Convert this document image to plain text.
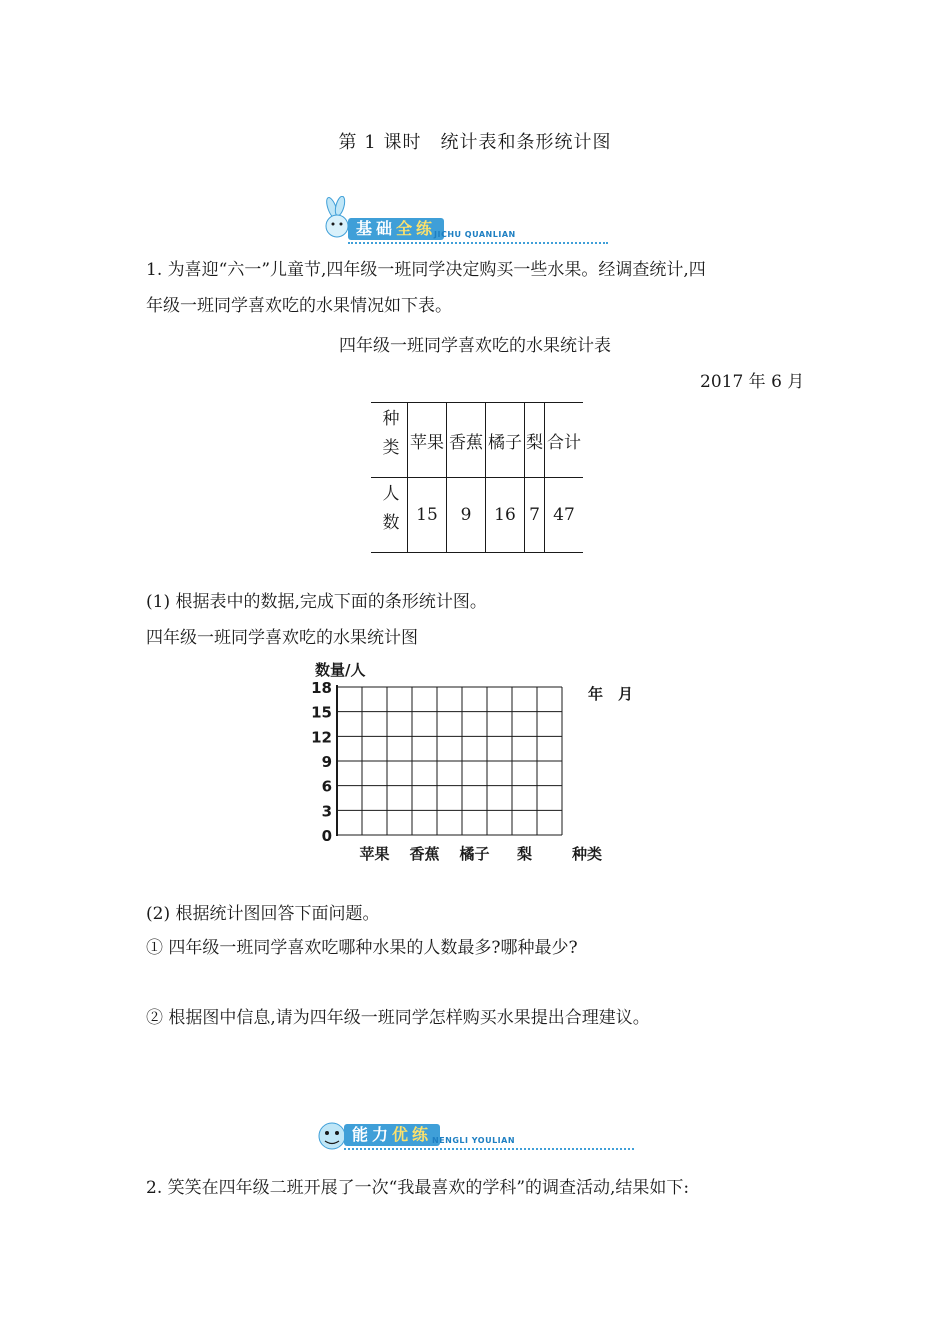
第 1 课时　统计表和条形统计图
基础全练
JICHU QUANLIAN
1. 为喜迎“六一”儿童节,四年级一班同学决定购买一些水果。经调查统计,四
年级一班同学喜欢吃的水果情况如下表。
四年级一班同学喜欢吃的水果统计表
2017 年 6 月
种类	苹果	香蕉	橘子	梨	合计
人数	15	9	16	7	47
(1) 根据表中的数据,完成下面的条形统计图。
四年级一班同学喜欢吃的水果统计图
0
3
6
9
12
15
18
数量/人
年　月
苹果 香蕉 橘子 梨	种类
(2) 根据统计图回答下面问题。
① 四年级一班同学喜欢吃哪种水果的人数最多?哪种最少?
② 根据图中信息,请为四年级一班同学怎样购买水果提出合理建议。
能力优练 NENGLI YOULIAN
2. 笑笑在四年级二班开展了一次“我最喜欢的学科”的调查活动,结果如下:
